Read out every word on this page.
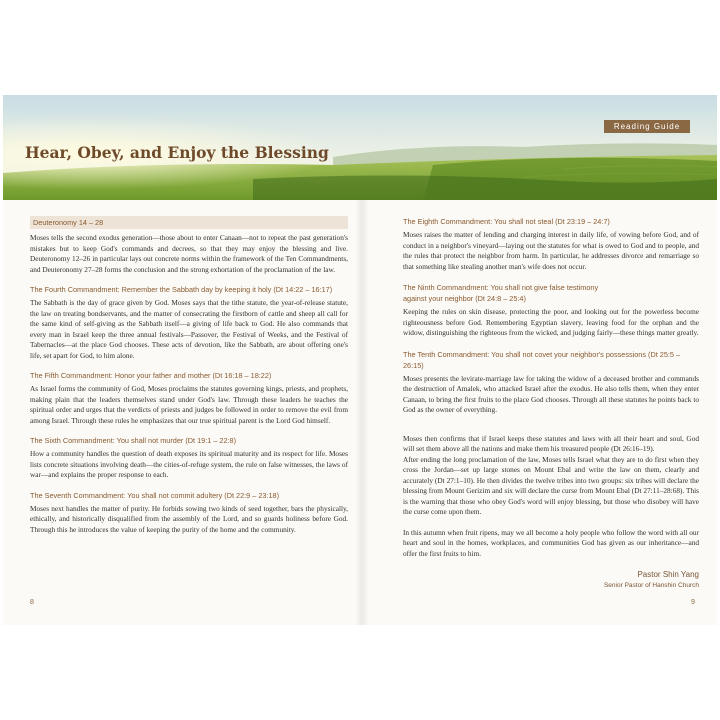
Hear, Obey, and Enjoy the Blessing
Reading Guide
Deuteronomy 14 – 28

Moses tells the second exodus generation—those about to enter Canaan—not to repeat the past generation's mistakes but to keep God's commands and decrees, so that they may enjoy the blessing and live. Deuteronomy 12–26 in particular lays out concrete norms within the framework of the Ten Commandments, and Deuteronomy 27–28 forms the conclusion and the strong exhortation of the proclamation of the law.

The Fourth Commandment: Remember the Sabbath day by keeping it holy (Dt 14:22 – 16:17)

The Sabbath is the day of grace given by God. Moses says that the tithe statute, the year-of-release statute, the law on treating bondservants, and the matter of consecrating the firstborn of cattle and sheep all call for the same kind of self-giving as the Sabbath itself—a giving of life back to God. He also commands that every man in Israel keep the three annual festivals—Passover, the Festival of Weeks, and the Festival of Tabernacles—at the place God chooses. These acts of devotion, like the Sabbath, are about offering one's life, set apart for God, to him alone.

The Fifth Commandment: Honor your father and mother (Dt 16:18 – 18:22)

As Israel forms the community of God, Moses proclaims the statutes governing kings, priests, and prophets, making plain that the leaders themselves stand under God's law. Through these leaders he teaches the spiritual order and urges that the verdicts of priests and judges be followed in order to remove the evil from among Israel. Through these rules he emphasizes that our true spiritual parent is the Lord God himself.

The Sixth Commandment: You shall not murder (Dt 19:1 – 22:8)

How a community handles the question of death exposes its spiritual maturity and its respect for life. Moses lists concrete situations involving death—the cities-of-refuge system, the rule on false witnesses, the laws of war—and explains the proper response to each.

The Seventh Commandment: You shall not commit adultery (Dt 22:9 – 23:18)

Moses next handles the matter of purity. He forbids sowing two kinds of seed together, bars the physically, ethically, and historically disqualified from the assembly of the Lord, and so guards holiness before God. Through this he introduces the value of keeping the purity of the home and the community.

The Eighth Commandment: You shall not steal (Dt 23:19 – 24:7)

Moses raises the matter of lending and charging interest in daily life, of vowing before God, and of conduct in a neighbor's vineyard—laying out the statutes for what is owed to God and to people, and the rules that protect the neighbor from harm. In particular, he addresses divorce and remarriage so that something like stealing another man's wife does not occur.

The Ninth Commandment: You shall not give false testimony
against your neighbor (Dt 24:8 – 25:4)

Keeping the rules on skin disease, protecting the poor, and looking out for the powerless become righteousness before God. Remembering Egyptian slavery, leaving food for the orphan and the widow, distinguishing the righteous from the wicked, and judging fairly—these things matter greatly.

The Tenth Commandment: You shall not covet your neighbor's possessions (Dt 25:5 – 26:15)

Moses presents the levirate-marriage law for taking the widow of a deceased brother and commands the destruction of Amalek, who attacked Israel after the exodus. He also tells them, when they enter Canaan, to bring the first fruits to the place God chooses. Through all these statutes he points back to God as the owner of everything.

Moses then confirms that if Israel keeps these statutes and laws with all their heart and soul, God will set them above all the nations and make them his treasured people (Dt 26:16–19).

After ending the long proclamation of the law, Moses tells Israel what they are to do first when they cross the Jordan—set up large stones on Mount Ebal and write the law on them, clearly and accurately (Dt 27:1–10). He then divides the twelve tribes into two groups: six tribes will declare the blessing from Mount Gerizim and six will declare the curse from Mount Ebal (Dt 27:11–28:68). This is the warning that those who obey God's word will enjoy blessing, but those who disobey will have the curse come upon them.

In this autumn when fruit ripens, may we all become a holy people who follow the word with all our heart and soul in the homes, workplaces, and communities God has given as our inheritance—and offer the first fruits to him.

Pastor Shin Yang
Senior Pastor of Hanshin Church
8	9
